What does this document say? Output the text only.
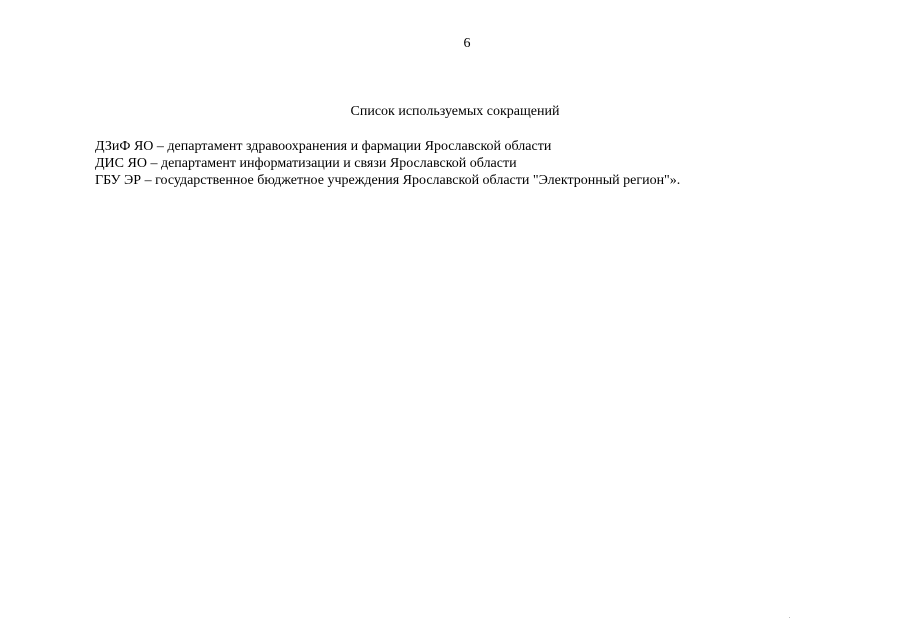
6
Список используемых сокращений
ДЗиФ ЯО – департамент здравоохранения и фармации Ярославской области
ДИС ЯО – департамент информатизации и связи Ярославской области
ГБУ ЭР – государственное бюджетное учреждения Ярославской области "Электронный регион"».
